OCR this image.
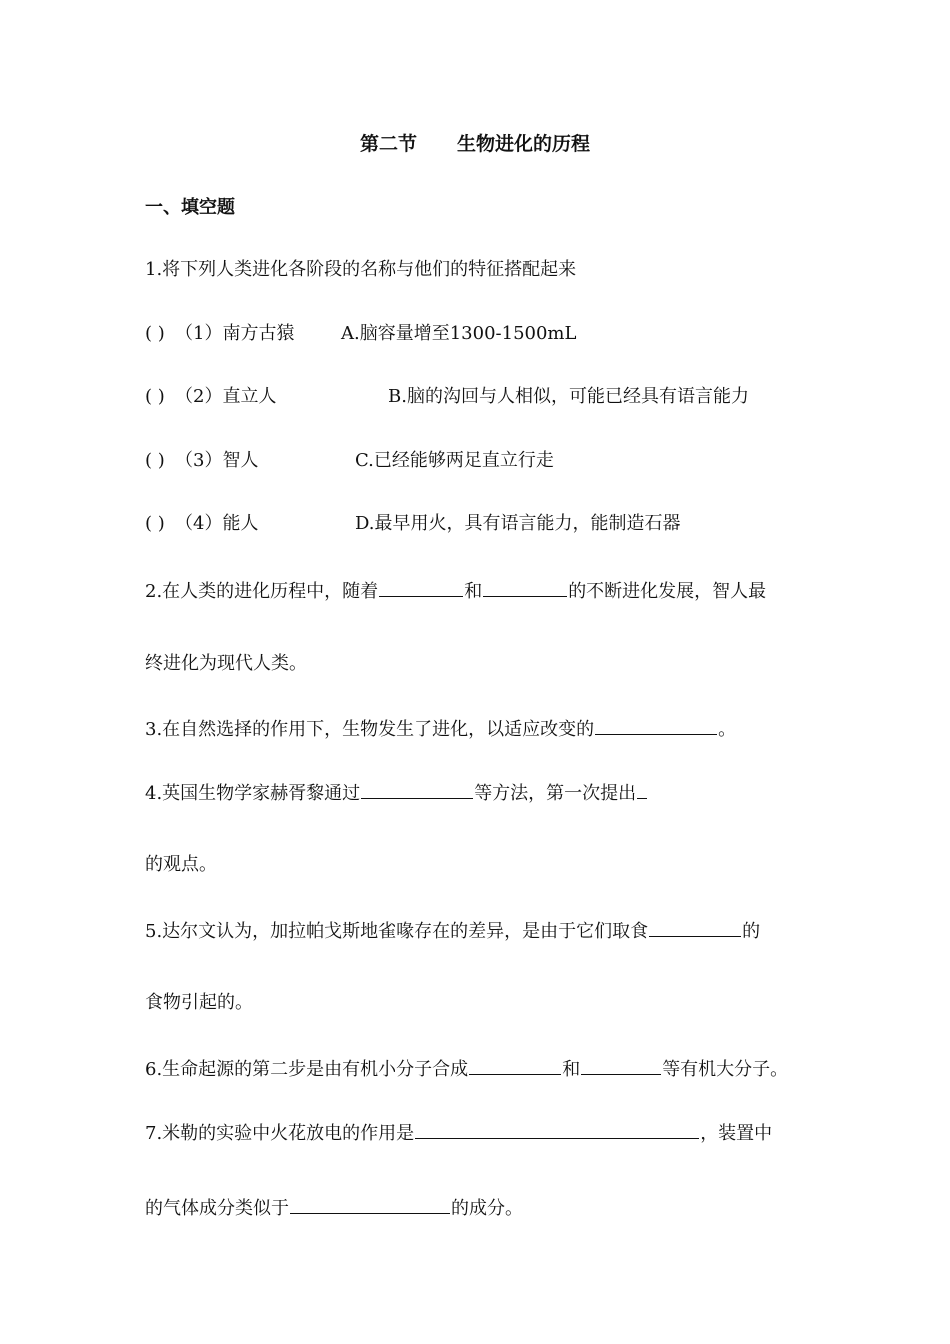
第二节 生物进化的历程
一、填空题
1.将下列人类进化各阶段的名称与他们的特征搭配起来
( ) （1）南方古猿	A.脑容量增至1300-1500mL
( ) （2）直立人	B.脑的沟回与人相似，可能已经具有语言能力
( ) （3）智人	C.已经能够两足直立行走
( ) （4）能人	D.最早用火，具有语言能力，能制造石器
2.在人类的进化历程中，随着	和	的不断进化发展，智人最
终进化为现代人类。
3.在自然选择的作用下，生物发生了进化，以适应改变的	。
4.英国生物学家赫胥黎通过	等方法，第一次提出
的观点。
5.达尔文认为，加拉帕戈斯地雀喙存在的差异，是由于它们取食	的
食物引起的。
6.生命起源的第二步是由有机小分子合成	和	等有机大分子。
7.米勒的实验中火花放电的作用是	，装置中
的气体成分类似于	的成分。
